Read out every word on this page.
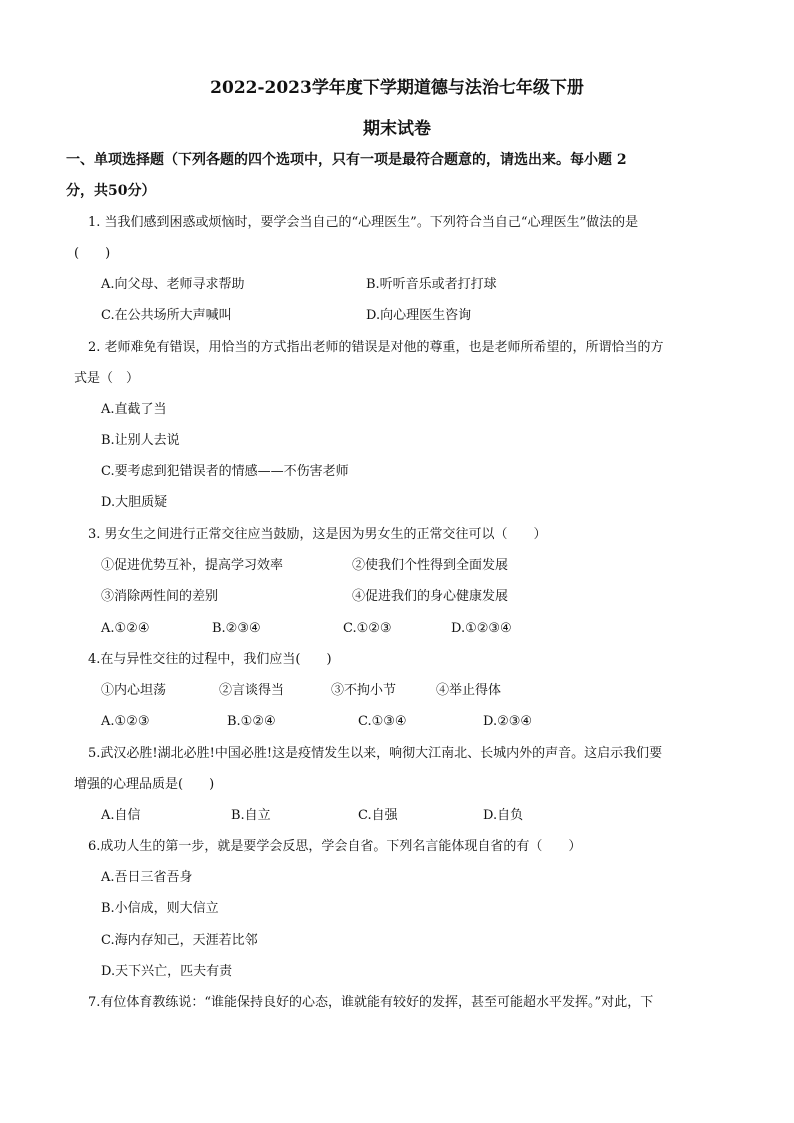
2022-2023学年度下学期道德与法治七年级下册
期末试卷
一、单项选择题（下列各题的四个选项中，只有一项是最符合题意的，请选出来。每小题 2
分，共50分）
1. 当我们感到困惑或烦恼时，要学会当自己的“心理医生”。下列符合当自己“心理医生”做法的是
(　　)
A.向父母、老师寻求帮助	B.听听音乐或者打打球
C.在公共场所大声喊叫	D.向心理医生咨询
2. 老师难免有错误，用恰当的方式指出老师的错误是对他的尊重，也是老师所希望的，所谓恰当的方
式是（　）
A.直截了当
B.让别人去说
C.要考虑到犯错误者的情感——不伤害老师
D.大胆质疑
3. 男女生之间进行正常交往应当鼓励，这是因为男女生的正常交往可以（　　）
①促进优势互补，提高学习效率	②使我们个性得到全面发展
③消除两性间的差别	④促进我们的身心健康发展
A.①②④	B.②③④	C.①②③	D.①②③④
4.在与异性交往的过程中，我们应当(　　)
①内心坦荡	②言谈得当	③不拘小节	④举止得体
A.①②③	B.①②④	C.①③④	D.②③④
5.武汉必胜!湖北必胜!中国必胜!这是疫情发生以来，响彻大江南北、长城内外的声音。这启示我们要
增强的心理品质是(　　)
A.自信	B.自立	C.自强	D.自负
6.成功人生的第一步，就是要学会反思，学会自省。下列名言能体现自省的有（　　）
A.吾日三省吾身
B.小信成，则大信立
C.海内存知己，天涯若比邻
D.天下兴亡，匹夫有责
7.有位体育教练说：“谁能保持良好的心态，谁就能有较好的发挥，甚至可能超水平发挥。”对此，下
